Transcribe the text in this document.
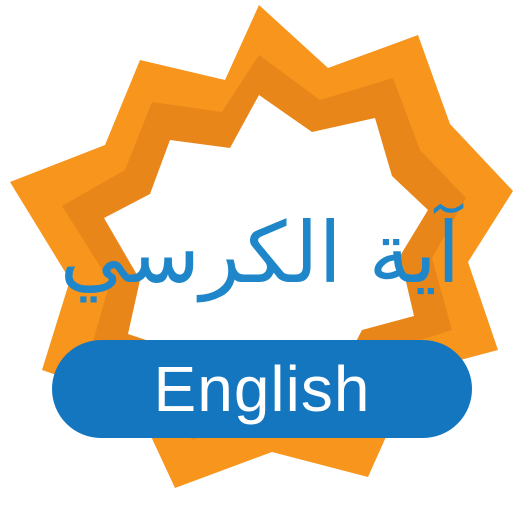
آية الكرسي
English
